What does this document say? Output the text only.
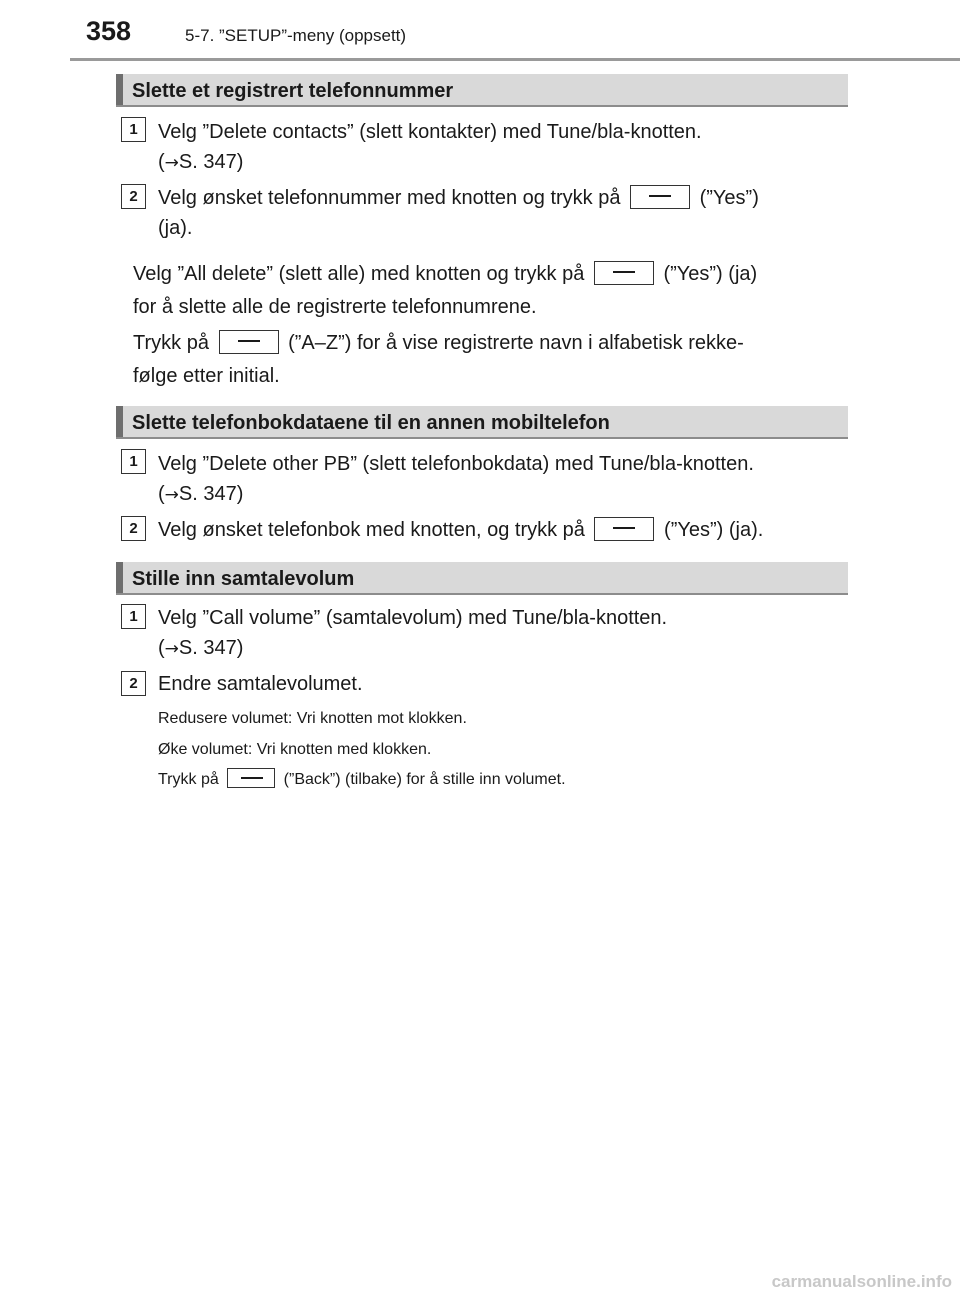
358	5-7. ”SETUP”-meny (oppsett)
Slette et registrert telefonnummer
1	Velg ”Delete contacts” (slett kontakter) med Tune/bla-knotten.
(→S. 347)
2	Velg ønsket telefonnummer med knotten og trykk på	(”Yes”)
(ja).
Velg ”All delete” (slett alle) med knotten og trykk på	(”Yes”) (ja)
for å slette alle de registrerte telefonnumrene.
Trykk på	(”A–Z”) for å vise registrerte navn i alfabetisk rekke-
følge etter initial.
Slette telefonbokdataene til en annen mobiltelefon
1	Velg ”Delete other PB” (slett telefonbokdata) med Tune/bla-knotten.
(→S. 347)
2	Velg ønsket telefonbok med knotten, og trykk på	(”Yes”) (ja).
Stille inn samtalevolum
1	Velg ”Call volume” (samtalevolum) med Tune/bla-knotten.
(→S. 347)
2	Endre samtalevolumet.
Redusere volumet: Vri knotten mot klokken.
Øke volumet: Vri knotten med klokken.
Trykk på	(”Back”) (tilbake) for å stille inn volumet.
carmanualsonline.info
